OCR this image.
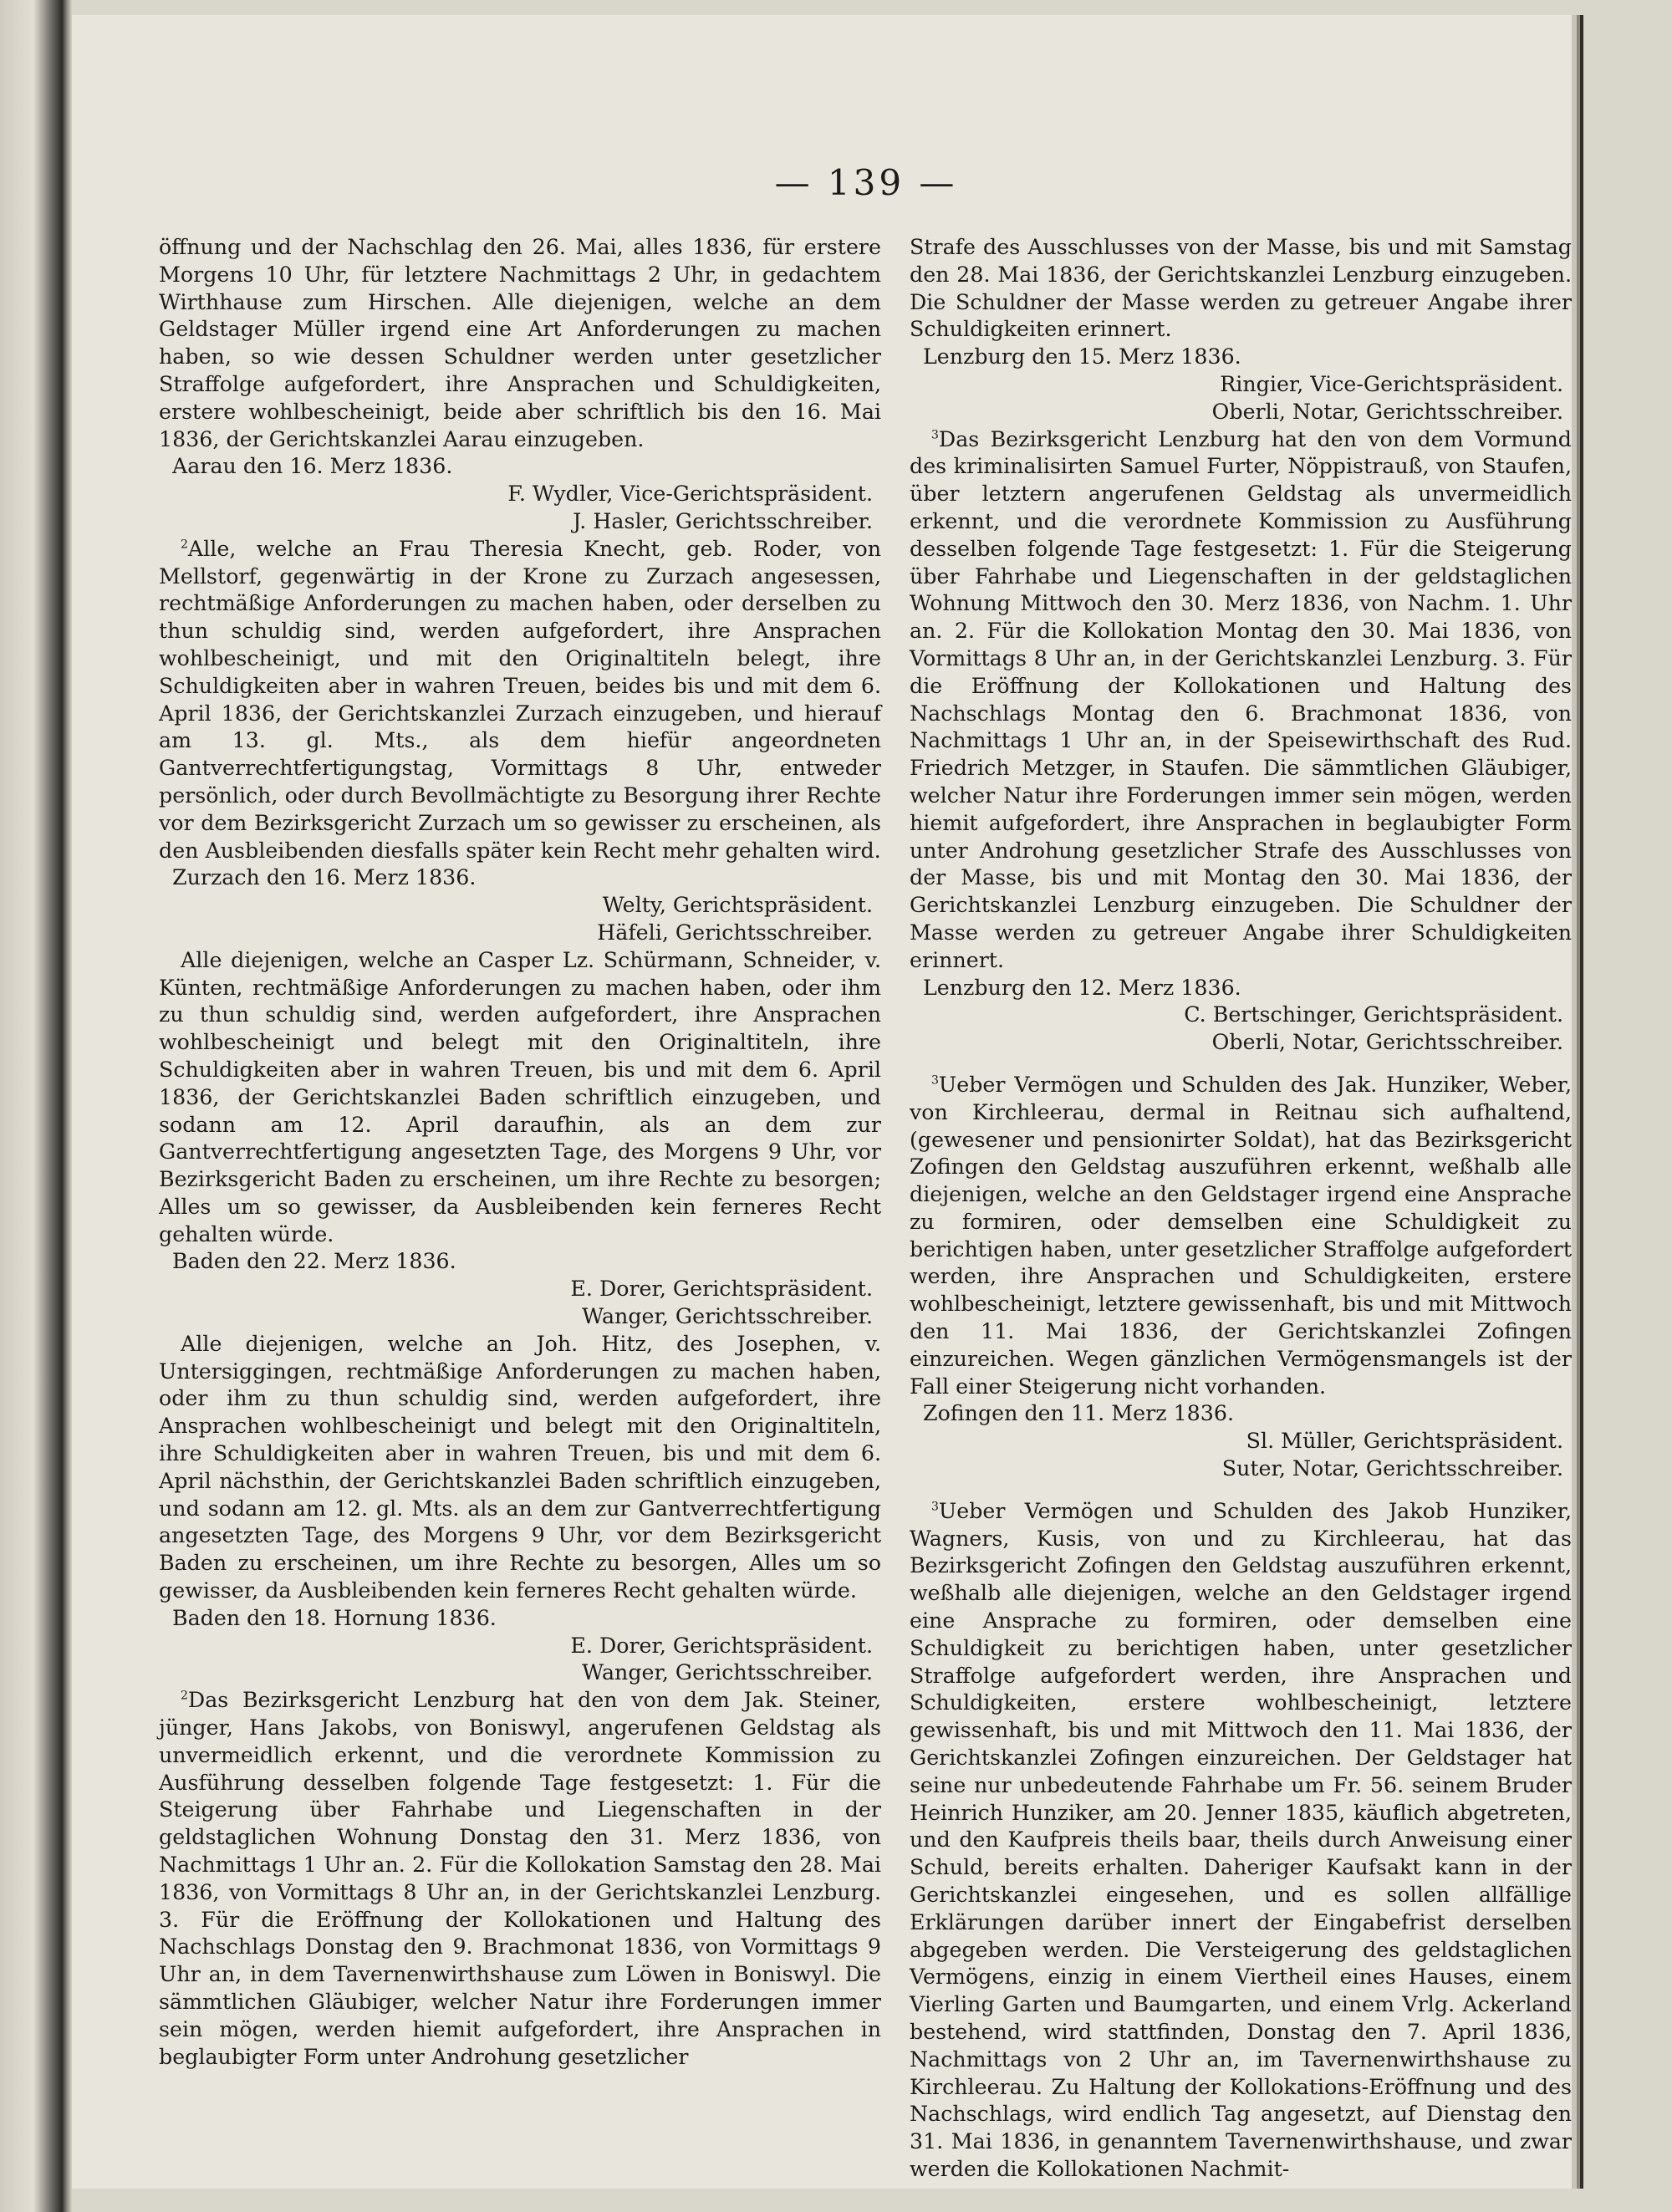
— 139 —

öffnung und der Nachschlag den 26. Mai, alles 1836, für erstere Morgens 10 Uhr, für letztere Nachmittags 2 Uhr, in gedachtem Wirthhause zum Hirschen. Alle diejenigen, welche an dem Geldstager Müller irgend eine Art Anforderungen zu machen haben, so wie dessen Schuldner werden unter gesetzlicher Straffolge aufgefordert, ihre Ansprachen und Schuldigkeiten, erstere wohlbescheinigt, beide aber schriftlich bis den 16. Mai 1836, der Gerichtskanzlei Aarau einzugeben.

Aarau den 16. Merz 1836.

F. Wydler, Vice-Gerichtspräsident.

J. Hasler, Gerichtsschreiber.

$^2$Alle, welche an Frau Theresia Knecht, geb. Roder, von Mellstorf, gegenwärtig in der Krone zu Zurzach angesessen, rechtmäßige Anforderungen zu machen haben, oder derselben zu thun schuldig sind, werden aufgefordert, ihre Ansprachen wohlbescheinigt, und mit den Originaltiteln belegt, ihre Schuldigkeiten aber in wahren Treuen, beides bis und mit dem 6. April 1836, der Gerichtskanzlei Zurzach einzugeben, und hierauf am 13. gl. Mts., als dem hiefür angeordneten Gantverrechtfertigungstag, Vormittags 8 Uhr, entweder persönlich, oder durch Bevollmächtigte zu Besorgung ihrer Rechte vor dem Bezirksgericht Zurzach um so gewisser zu erscheinen, als den Ausbleibenden diesfalls später kein Recht mehr gehalten wird.

Zurzach den 16. Merz 1836.

Welty, Gerichtspräsident.

Häfeli, Gerichtsschreiber.

Alle diejenigen, welche an Casper Lz. Schürmann, Schneider, v. Künten, rechtmäßige Anforderungen zu machen haben, oder ihm zu thun schuldig sind, werden aufgefordert, ihre Ansprachen wohlbescheinigt und belegt mit den Originaltiteln, ihre Schuldigkeiten aber in wahren Treuen, bis und mit dem 6. April 1836, der Gerichtskanzlei Baden schriftlich einzugeben, und sodann am 12. April daraufhin, als an dem zur Gantverrechtfertigung angesetzten Tage, des Morgens 9 Uhr, vor Bezirksgericht Baden zu erscheinen, um ihre Rechte zu besorgen; Alles um so gewisser, da Ausbleibenden kein ferneres Recht gehalten würde.

Baden den 22. Merz 1836.

E. Dorer, Gerichtspräsident.

Wanger, Gerichtsschreiber.

Alle diejenigen, welche an Joh. Hitz, des Josephen, v. Untersiggingen, rechtmäßige Anforderungen zu machen haben, oder ihm zu thun schuldig sind, werden aufgefordert, ihre Ansprachen wohlbescheinigt und belegt mit den Originaltiteln, ihre Schuldigkeiten aber in wahren Treuen, bis und mit dem 6. April nächsthin, der Gerichtskanzlei Baden schriftlich einzugeben, und sodann am 12. gl. Mts. als an dem zur Gantverrechtfertigung angesetzten Tage, des Morgens 9 Uhr, vor dem Bezirksgericht Baden zu erscheinen, um ihre Rechte zu besorgen, Alles um so gewisser, da Ausbleibenden kein ferneres Recht gehalten würde.

Baden den 18. Hornung 1836.

E. Dorer, Gerichtspräsident.

Wanger, Gerichtsschreiber.

$^2$Das Bezirksgericht Lenzburg hat den von dem Jak. Steiner, jünger, Hans Jakobs, von Boniswyl, angerufenen Geldstag als unvermeidlich erkennt, und die verordnete Kommission zu Ausführung desselben folgende Tage festgesetzt: 1. Für die Steigerung über Fahrhabe und Liegenschaften in der geldstaglichen Wohnung Donstag den 31. Merz 1836, von Nachmittags 1 Uhr an. 2. Für die Kollokation Samstag den 28. Mai 1836, von Vormittags 8 Uhr an, in der Gerichtskanzlei Lenzburg. 3. Für die Eröffnung der Kollokationen und Haltung des Nachschlags Donstag den 9. Brachmonat 1836, von Vormittags 9 Uhr an, in dem Tavernenwirthshause zum Löwen in Boniswyl. Die sämmtlichen Gläubiger, welcher Natur ihre Forderungen immer sein mögen, werden hiemit aufgefordert, ihre Ansprachen in beglaubigter Form unter Androhung gesetzlicher

Strafe des Ausschlusses von der Masse, bis und mit Samstag den 28. Mai 1836, der Gerichtskanzlei Lenzburg einzugeben. Die Schuldner der Masse werden zu getreuer Angabe ihrer Schuldigkeiten erinnert.

Lenzburg den 15. Merz 1836.

Ringier, Vice-Gerichtspräsident.

Oberli, Notar, Gerichtsschreiber.

$^3$Das Bezirksgericht Lenzburg hat den von dem Vormund des kriminalisirten Samuel Furter, Nöppistrauß, von Staufen, über letztern angerufenen Geldstag als unvermeidlich erkennt, und die verordnete Kommission zu Ausführung desselben folgende Tage festgesetzt: 1. Für die Steigerung über Fahrhabe und Liegenschaften in der geldstaglichen Wohnung Mittwoch den 30. Merz 1836, von Nachm. 1. Uhr an. 2. Für die Kollokation Montag den 30. Mai 1836, von Vormittags 8 Uhr an, in der Gerichtskanzlei Lenzburg. 3. Für die Eröffnung der Kollokationen und Haltung des Nachschlags Montag den 6. Brachmonat 1836, von Nachmittags 1 Uhr an, in der Speisewirthschaft des Rud. Friedrich Metzger, in Staufen. Die sämmtlichen Gläubiger, welcher Natur ihre Forderungen immer sein mögen, werden hiemit aufgefordert, ihre Ansprachen in beglaubigter Form unter Androhung gesetzlicher Strafe des Ausschlusses von der Masse, bis und mit Montag den 30. Mai 1836, der Gerichtskanzlei Lenzburg einzugeben. Die Schuldner der Masse werden zu getreuer Angabe ihrer Schuldigkeiten erinnert.

Lenzburg den 12. Merz 1836.

C. Bertschinger, Gerichtspräsident.

Oberli, Notar, Gerichtsschreiber.

$^3$Ueber Vermögen und Schulden des Jak. Hunziker, Weber, von Kirchleerau, dermal in Reitnau sich aufhaltend, (gewesener und pensionirter Soldat), hat das Bezirksgericht Zofingen den Geldstag auszuführen erkennt, weßhalb alle diejenigen, welche an den Geldstager irgend eine Ansprache zu formiren, oder demselben eine Schuldigkeit zu berichtigen haben, unter gesetzlicher Straffolge aufgefordert werden, ihre Ansprachen und Schuldigkeiten, erstere wohlbescheinigt, letztere gewissenhaft, bis und mit Mittwoch den 11. Mai 1836, der Gerichtskanzlei Zofingen einzureichen. Wegen gänzlichen Vermögensmangels ist der Fall einer Steigerung nicht vorhanden.

Zofingen den 11. Merz 1836.

Sl. Müller, Gerichtspräsident.

Suter, Notar, Gerichtsschreiber.

$^3$Ueber Vermögen und Schulden des Jakob Hunziker, Wagners, Kusis, von und zu Kirchleerau, hat das Bezirksgericht Zofingen den Geldstag auszuführen erkennt, weßhalb alle diejenigen, welche an den Geldstager irgend eine Ansprache zu formiren, oder demselben eine Schuldigkeit zu berichtigen haben, unter gesetzlicher Straffolge aufgefordert werden, ihre Ansprachen und Schuldigkeiten, erstere wohlbescheinigt, letztere gewissenhaft, bis und mit Mittwoch den 11. Mai 1836, der Gerichtskanzlei Zofingen einzureichen. Der Geldstager hat seine nur unbedeutende Fahrhabe um Fr. 56. seinem Bruder Heinrich Hunziker, am 20. Jenner 1835, käuflich abgetreten, und den Kaufpreis theils baar, theils durch Anweisung einer Schuld, bereits erhalten. Daheriger Kaufsakt kann in der Gerichtskanzlei eingesehen, und es sollen allfällige Erklärungen darüber innert der Eingabefrist derselben abgegeben werden. Die Versteigerung des geldstaglichen Vermögens, einzig in einem Viertheil eines Hauses, einem Vierling Garten und Baumgarten, und einem Vrlg. Ackerland bestehend, wird stattfinden, Donstag den 7. April 1836, Nachmittags von 2 Uhr an, im Tavernenwirthshause zu Kirchleerau. Zu Haltung der Kollokations-Eröffnung und des Nachschlags, wird endlich Tag angesetzt, auf Dienstag den 31. Mai 1836, in genanntem Tavernenwirthshause, und zwar werden die Kollokationen Nachmit-
